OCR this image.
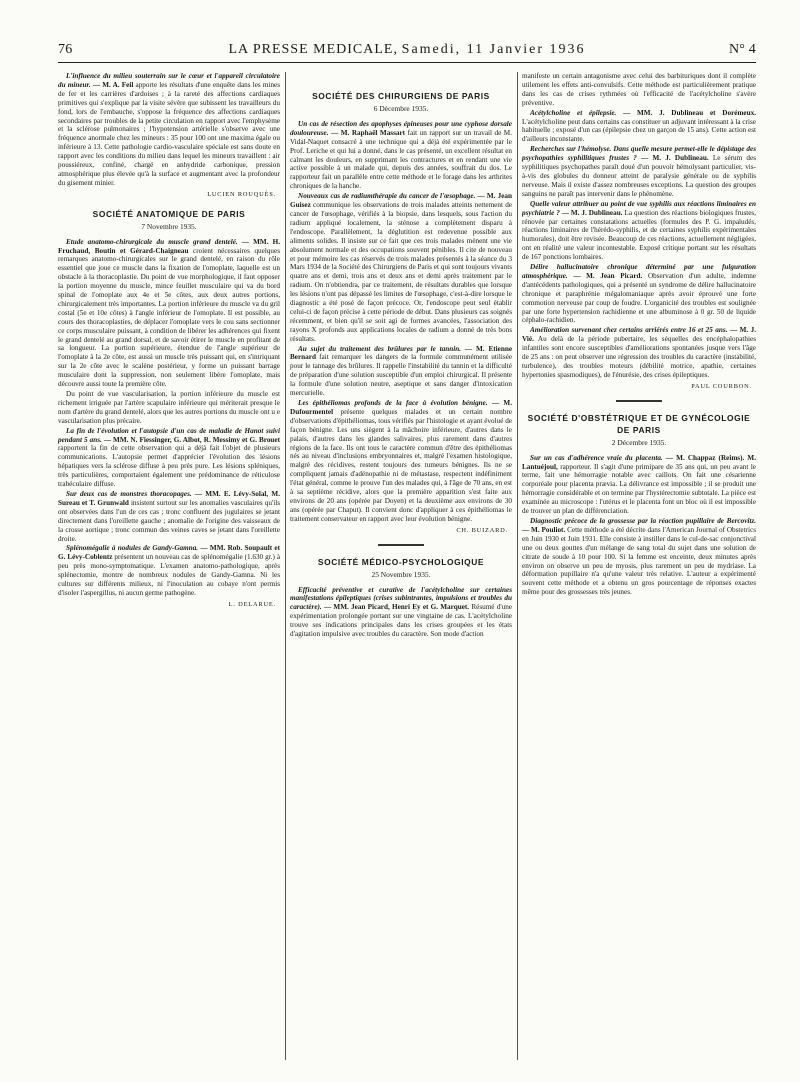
76	LA PRESSE MEDICALE, Samedi, 11 Janvier 1936	N° 4

L'influence du milieu souterrain sur le cœur et l'appareil circulatoire du mineur. — M. A. Feil apporte les résultats d'une enquête dans les mines de fer et les carrières d'ardoises ; à la rareté des affections cardiaques primitives qui s'explique par la visite sévère que subissent les travailleurs du fond, lors de l'embauche, s'oppose la fréquence des affections cardiaques secondaires par troubles de la petite circulation en rapport avec l'emphysème et la sclérose pulmonaires ; l'hypotension artérielle s'observe avec une fréquence anormale chez les mineurs : 35 pour 100 ont une maxima égale ou inférieure à 13. Cette pathologie cardio-vasculaire spéciale est sans doute en rapport avec les conditions du milieu dans lequel les mineurs travaillent : air poussiéreux, confiné, chargé en anhydride carbonique, pression atmosphérique plus élevée qu'à la surface et augmentant avec la profondeur du gisement minier.

LUCIEN ROUQUÈS.
SOCIÉTÉ ANATOMIQUE DE PARIS
7 Novembre 1935.

Etude anatomo-chirurgicale du muscle grand dentelé. — MM. H. Fruchaud, Boutin et Gérard-Chaigneau croient nécessaires quelques remarques anatomo-chirurgicales sur le grand dentelé, en raison du rôle essentiel que joue ce muscle dans la fixation de l'omoplate, laquelle est un obstacle à la thoracoplastie. Du point de vue morphologique, il faut opposer la portion moyenne du muscle, mince feuillet musculaire qui va du bord spinal de l'omoplate aux 4e et 5e côtes, aux deux autres portions, chirurgicalement très importantes. La portion inférieure du muscle va du gril costal (5e et 10e côtes) à l'angle inférieur de l'omoplate. Il est possible, au cours des thoracoplasties, de déplacer l'omoplate vers le cou sans sectionner ce corps musculaire puissant, à condition de libérer les adhérences qui fixent le grand dentelé au grand dorsal, et de savoir étirer le muscle en profitant de sa longueur. La portion supérieure, étendue de l'angle supérieur de l'omoplate à la 2e côte, est aussi un muscle très puissant qui, en s'intriquant sur la 2e côte avec le scalène postérieur, y forme un puissant barrage musculaire dont la suppression, non seulement libère l'omoplate, mais découvre aussi toute la première côte.

Du point de vue vascularisation, la portion inférieure du muscle est richement irriguée par l'artère scapulaire inférieure qui mériterait presque le nom d'artère du grand dentelé, alors que les autres portions du muscle ont u e vascularisation plus précaire.

La fin de l'évolution et l'autopsie d'un cas de maladie de Hanot suivi pendant 5 ans. — MM. N. Fiessinger, G. Albot, R. Messimy et G. Brouet rapportent la fin de cette observation qui a déjà fait l'objet de plusieurs communications. L'autopsie permet d'apprécier l'évolution des lésions hépatiques vers la sclérose diffuse à peu près pure. Les lésions spléniques, très particulières, comportaient également une prédominance de réticulose trabéculaire diffuse.

Sur deux cas de monstres thoracopages. — MM. E. Lévy-Solal, M. Sureau et T. Grunwald insistent surtout sur les anomalies vasculaires qu'ils ont observées dans l'un de ces cas ; tronc confluent des jugulaires se jetant directement dans l'oreillette gauche ; anomalie de l'origine des vaisseaux de la crosse aortique ; tronc commun des veines caves se jetant dans l'oreillette droite.

Splénomégalie à nodules de Gandy-Gamna. — MM. Rob. Soupault et G. Lévy-Coblentz présentent un nouveau cas de splénomégalie (1.630 gr.) à peu près mono-symptomatique. L'examen anatomo-pathologique, après splénectomie, montre de nombreux nodules de Gandy-Gamna. Ni les cultures sur différents milieux, ni l'inoculation au cobaye n'ont permis d'isoler l'aspergillus, ni aucun germe pathogène.

L. DELARUE.
SOCIÉTÉ DES CHIRURGIENS DE PARIS
6 Décembre 1935.

Un cas de résection des apophyses épineuses pour une cyphose dorsale douloureuse. — M. Raphaël Massart fait un rapport sur un travail de M. Vidal-Naquet consacré à une technique qui a déjà été expérimentée par le Prof. Leriche et qui lui a donné, dans le cas présenté, un excellent résultat en calmant les douleurs, en supprimant les contractures et en rendant une vie active possible à un malade qui, depuis des années, souffrait du dos. Le rapporteur fait un parallèle entre cette méthode et le forage dans les arthrites chroniques de la hanche.

Nouveaux cas de radiumthérapie du cancer de l'œsophage. — M. Jean Guisez communique les observations de trois malades atteints nettement de cancer de l'œsophage, vérifiés à la biopsie, dans lesquels, sous l'action du radium appliqué localement, la sténose a complètement disparu à l'endoscope. Parallèlement, la déglutition est redevenue possible aux aliments solides. Il insiste sur ce fait que ces trois malades mènent une vie absolument normale et des occupations souvent pénibles. Il cite de nouveau et pour mémoire les cas réservés de trois malades présentés à la séance du 3 Mars 1934 de la Société des Chirurgiens de Paris et qui sont toujours vivants quatre ans et demi, trois ans et deux ans et demi après traitement par le radium. On n'obtiendra, par ce traitement, de résultats durables que lorsque les lésions n'ont pas dépassé les limites de l'œsophage, c'est-à-dire lorsque le diagnostic a été posé de façon précoce. Or, l'endoscope peut seul établir celui-ci de façon précise à cette période de début. Dans plusieurs cas soignés récemment, et bien qu'il se soit agi de formes avancées, l'association des rayons X profonds aux applications locales de radium a donné de très bons résultats.

Au sujet du traitement des brûlures par le tannin. — M. Etienne Bernard fait remarquer les dangers de la formule communément utilisée pour le tannage des brûlures. Il rappelle l'instabilité du tannin et la difficulté de préparation d'une solution susceptible d'un emploi chirurgical. Il présente la formule d'une solution neutre, aseptique et sans danger d'intoxication mercurielle.

Les épithéliomas profonds de la face à évolution bénigne. — M. Dufourmentel présente quelques malades et un certain nombre d'observations d'épithéliomas, tous vérifiés par l'histologie et ayant évolué de façon bénigne. Les uns siègent à la mâchoire inférieure, d'autres dans le palais, d'autres dans les glandes salivaires, plus rarement dans d'autres régions de la face. Ils ont tous le caractère commun d'être des épithéliomas nés au niveau d'inclusions embryonnaires et, malgré l'examen histologique, malgré des récidives, restent toujours des tumeurs bénignes. Ils ne se compliquent jamais d'adénopathie ni de métastase, respectent indéfiniment l'état général, comme le prouve l'un des malades qui, à l'âge de 70 ans, en est à sa septième récidive, alors que la première apparition s'est faite aux environs de 20 ans (opérée par Doyen) et la deuxième aux environs de 30 ans (opérée par Chaput). Il convient donc d'appliquer à ces épithéliomas le traitement conservateur en rapport avec leur évolution bénigne.

CH. BUIZARD.
SOCIÉTÉ MÉDICO-PSYCHOLOGIQUE
25 Novembre 1935.

Efficacité préventive et curative de l'acétylcholine sur certaines manifestations épileptiques (crises subintrantes, impulsions et troubles du caractère). — MM. Jean Picard, Henri Ey et G. Marquet. Résumé d'une expérimentation prolongée portant sur une vingtaine de cas. L'acétylcholine trouve ses indications principales dans les crises groupées et les états d'agitation impulsive avec troubles du caractère. Son mode d'action

manifeste un certain antagonisme avec celui des barbituriques dont il complète utilement les effets anti-convulsifs. Cette méthode est particulièrement pratique dans les cas de crises rythmées où l'efficacité de l'acétylcholine s'avère préventive.

Acétylcholine et épilepsie. — MM. J. Dublineau et Dorémeux. L'acétylcholine peut dans certains cas constituer un adjuvant intéressant à la crise habituelle ; exposé d'un cas (épilepsie chez un garçon de 15 ans). Cette action est d'ailleurs inconstante.

Recherches sur l'hémolyse. Dans quelle mesure permet-elle le dépistage des psychopathies syphilitiques frustes ? — M. J. Dublineau. Le sérum des syphilitiques psychopathes paraît doué d'un pouvoir hémolysant particulier, vis-à-vis des globules du donneur atteint de paralysie générale ou de syphilis nerveuse. Mais il existe d'assez nombreuses exceptions. La question des groupes sanguins ne paraît pas intervenir dans le phénomène.

Quelle valeur attribuer au point de vue syphilis aux réactions liminaires en psychiatrie ? — M. J. Dublineau. La question des réactions biologiques frustes, rénovée par certaines constatations actuelles (formules des P. G. impaludés, réactions liminaires de l'hérédo-syphilis, et de certaines syphilis expérimentales humorales), doit être revisée. Beaucoup de ces réactions, actuellement négligées, ont en réalité une valeur incontestable. Exposé critique portant sur les résultats de 167 ponctions lombaires.

Délire hallucinatoire chronique déterminé par une fulguration atmosphérique. — M. Jean Picard. Observation d'un adulte, indemne d'antécédents pathologiques, qui a présenté un syndrome de délire hallucinatoire chronique et paraphrénie mégalomaniaque après avoir éprouvé une forte commotion nerveuse par coup de foudre. L'organicité des troubles est soulignée par une forte hypertension rachidienne et une albuminose à 0 gr. 50 de liquide céphalo-rachidien.

Amélioration survenant chez certains arriérés entre 16 et 25 ans. — M. J. Vié. Au delà de la période pubertaire, les séquelles des encéphalopathies infantiles sont encore susceptibles d'améliorations spontanées jusque vers l'âge de 25 ans : on peut observer une régression des troubles du caractère (instabilité, turbulence), des troubles moteurs (débilité motrice, apathie, certaines hypertonies spasmodiques), de l'énurésie, des crises épileptiques.

PAUL COURBON.
SOCIÉTÉ D'OBSTÉTRIQUE ET DE GYNÉCOLOGIE DE PARIS
2 Décembre 1935.

Sur un cas d'adhérence vraie du placenta. — M. Chappaz (Reims). M. Lantuéjoul, rapporteur. Il s'agit d'une primipare de 35 ans qui, un peu avant le terme, fait une hémorragie notable avec caillots. On fait une césarienne corporéale pour placenta prævia. La délivrance est impossible ; il se produit une hémorragie considérable et on termine par l'hystérectomie subtotale. La pièce est examinée au microscope : l'utérus et le placenta font un bloc où il est impossible de trouver un plan de différenciation.

Diagnostic précoce de la grossesse par la réaction pupillaire de Bercovitz. — M. Pouliot. Cette méthode a été décrite dans l'American Journal of Obstetrics en Juin 1930 et Juin 1931. Elle consiste à instiller dans le cul-de-sac conjonctival une ou deux gouttes d'un mélange de sang total du sujet dans une solution de citrate de soude à 10 pour 100. Si la femme est enceinte, deux minutes après environ on observe un peu de myosis, plus rarement un peu de mydriase. La déformation pupillaire n'a qu'une valeur très relative. L'auteur a expérimenté souvent cette méthode et a obtenu un gros pourcentage de réponses exactes même pour des grossesses très jeunes.
